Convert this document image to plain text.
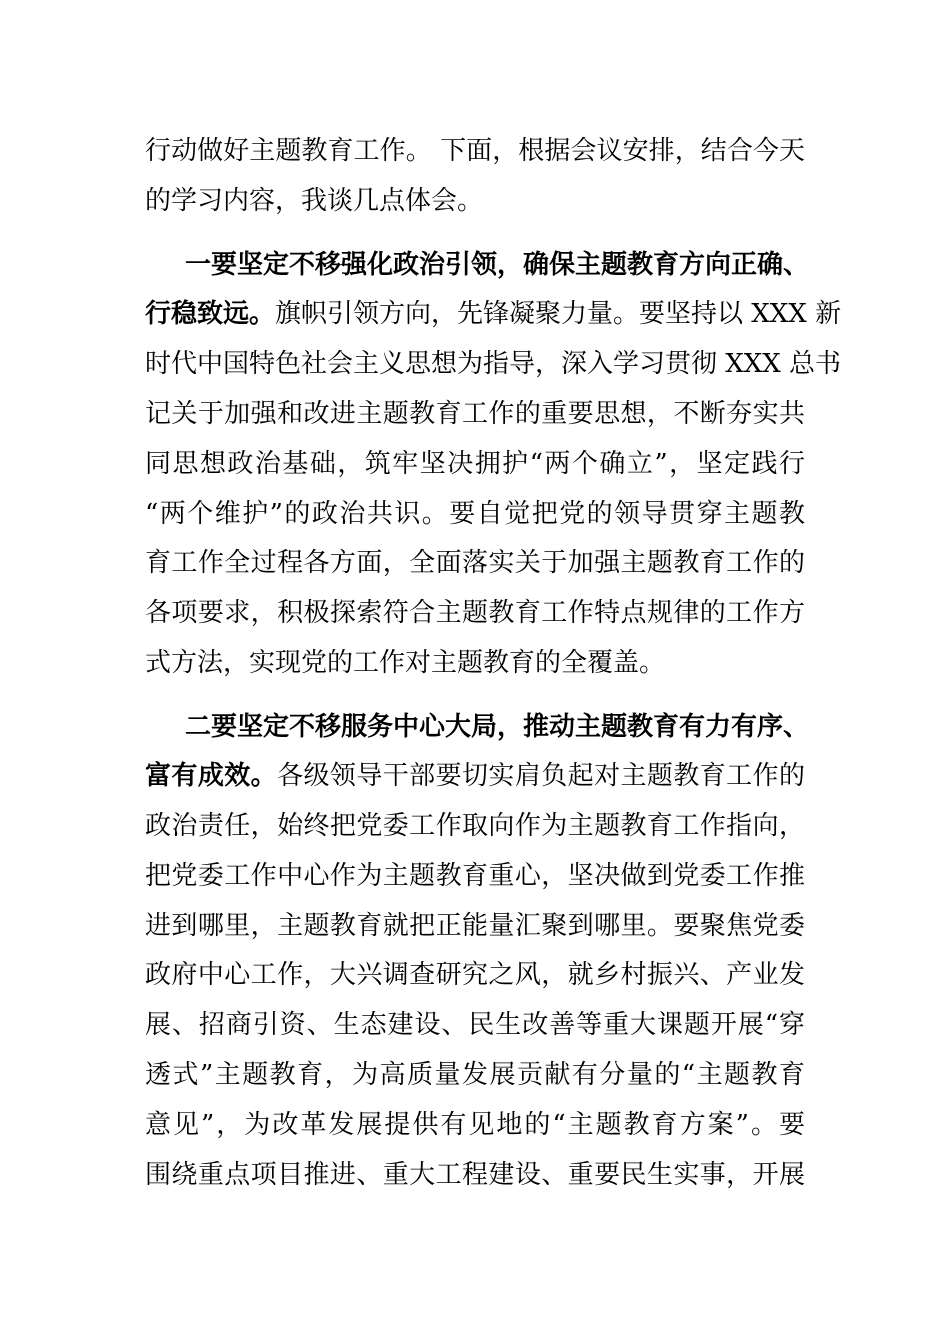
行动做好主题教育工作。 下面，根据会议安排，结合今天
的学习内容，我谈几点体会。
一要坚定不移强化政治引领，确保主题教育方向正确、
行稳致远。旗帜引领方向，先锋凝聚力量。要坚持以 XXX 新
时代中国特色社会主义思想为指导，深入学习贯彻 XXX 总书
记关于加强和改进主题教育工作的重要思想，不断夯实共
同思想政治基础，筑牢坚决拥护“两个确立”，坚定践行
“两个维护”的政治共识。要自觉把党的领导贯穿主题教
育工作全过程各方面，全面落实关于加强主题教育工作的
各项要求，积极探索符合主题教育工作特点规律的工作方
式方法，实现党的工作对主题教育的全覆盖。
二要坚定不移服务中心大局，推动主题教育有力有序、
富有成效。各级领导干部要切实肩负起对主题教育工作的
政治责任，始终把党委工作取向作为主题教育工作指向，
把党委工作中心作为主题教育重心，坚决做到党委工作推
进到哪里，主题教育就把正能量汇聚到哪里。要聚焦党委
政府中心工作，大兴调查研究之风，就乡村振兴、产业发
展、招商引资、生态建设、民生改善等重大课题开展“穿
透式”主题教育，为高质量发展贡献有分量的“主题教育
意见”，为改革发展提供有见地的“主题教育方案”。要
围绕重点项目推进、重大工程建设、重要民生实事，开展
